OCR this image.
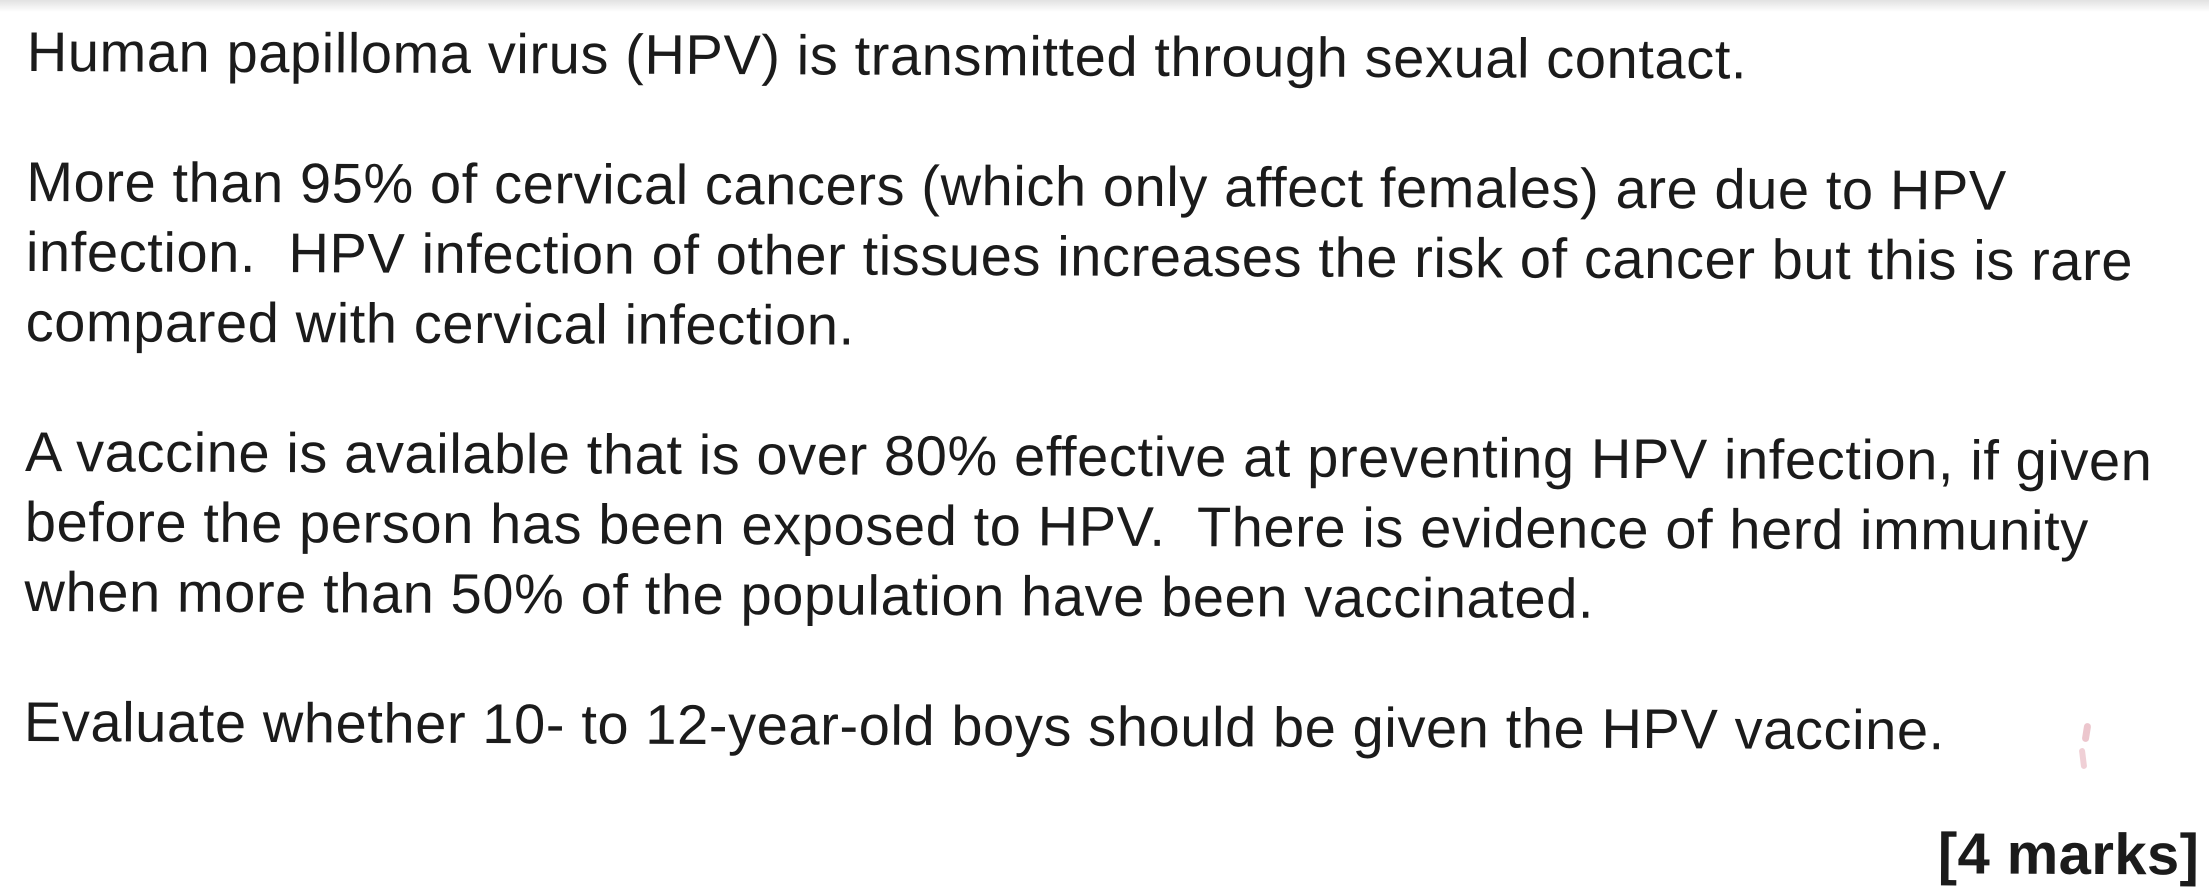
Human papilloma virus (HPV) is transmitted through sexual contact.
More than 95% of cervical cancers (which only affect females) are due to HPV
infection.  HPV infection of other tissues increases the risk of cancer but this is rare
compared with cervical infection.
A vaccine is available that is over 80% effective at preventing HPV infection, if given
before the person has been exposed to HPV.  There is evidence of herd immunity
when more than 50% of the population have been vaccinated.
Evaluate whether 10- to 12-year-old boys should be given the HPV vaccine.
[4 marks]
